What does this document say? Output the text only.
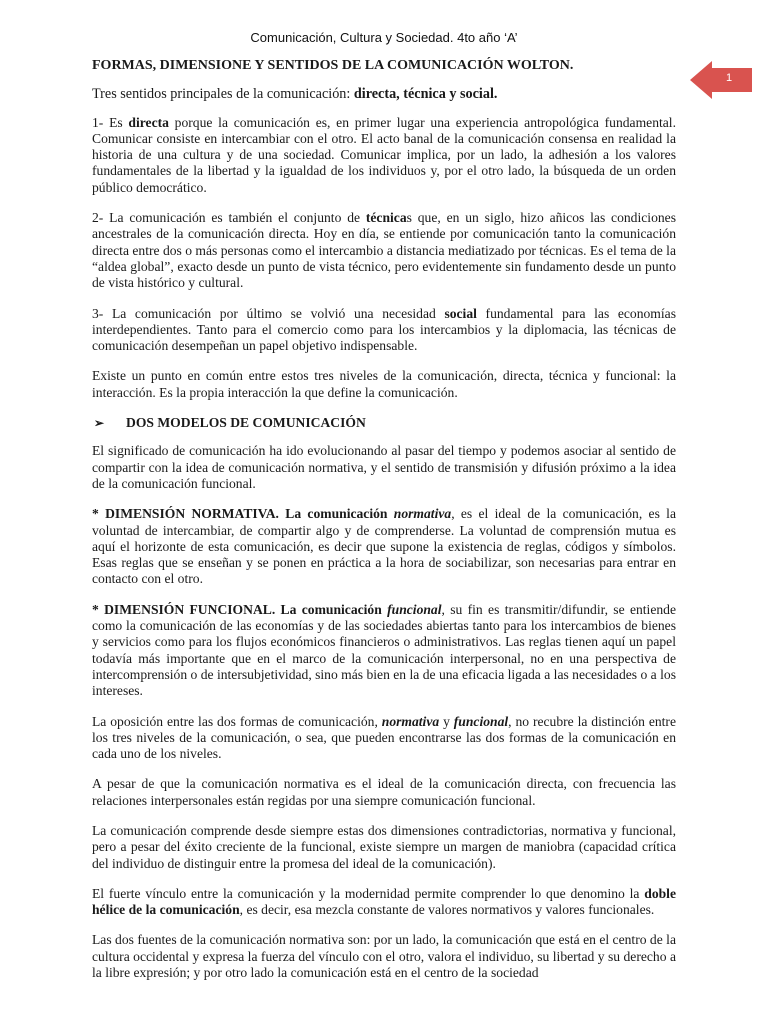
Comunicación, Cultura y Sociedad. 4to año ‘A’
1

FORMAS, DIMENSIONE Y SENTIDOS DE LA COMUNICACIÓN WOLTON.

Tres sentidos principales de la comunicación: directa, técnica y social.

1- Es directa porque la comunicación es, en primer lugar una experiencia antropológica fundamental. Comunicar consiste en intercambiar con el otro. El acto banal de la comunicación consensa en realidad la historia de una cultura y de una sociedad. Comunicar implica, por un lado, la adhesión a los valores fundamentales de la libertad y la igualdad de los individuos y, por el otro lado, la búsqueda de un orden público democrático.

2- La comunicación es también el conjunto de técnicas que, en un siglo, hizo añicos las condiciones ancestrales de la comunicación directa. Hoy en día, se entiende por comunicación tanto la comunicación directa entre dos o más personas como el intercambio a distancia mediatizado por técnicas. Es el tema de la “aldea global”, exacto desde un punto de vista técnico, pero evidentemente sin fundamento desde un punto de vista histórico y cultural.

3- La comunicación por último se volvió una necesidad social fundamental para las economías interdependientes. Tanto para el comercio como para los intercambios y la diplomacia, las técnicas de comunicación desempeñan un papel objetivo indispensable.

Existe un punto en común entre estos tres niveles de la comunicación, directa, técnica y funcional: la interacción. Es la propia interacción la que define la comunicación.

➢	DOS MODELOS DE COMUNICACIÓN

El significado de comunicación ha ido evolucionando al pasar del tiempo y podemos asociar al sentido de compartir con la idea de comunicación normativa, y el sentido de transmisión y difusión próximo a la idea de la comunicación funcional.

* DIMENSIÓN NORMATIVA. La comunicación normativa, es el ideal de la comunicación, es la voluntad de intercambiar, de compartir algo y de comprenderse. La voluntad de comprensión mutua es aquí el horizonte de esta comunicación, es decir que supone la existencia de reglas, códigos y símbolos. Esas reglas que se enseñan y se ponen en práctica a la hora de sociabilizar, son necesarias para entrar en contacto con el otro.

* DIMENSIÓN FUNCIONAL. La comunicación funcional, su fin es transmitir/difundir, se entiende como la comunicación de las economías y de las sociedades abiertas tanto para los intercambios de bienes y servicios como para los flujos económicos financieros o administrativos. Las reglas tienen aquí un papel todavía más importante que en el marco de la comunicación interpersonal, no en una perspectiva de intercomprensión o de intersubjetividad, sino más bien en la de una eficacia ligada a las necesidades o a los intereses.

La oposición entre las dos formas de comunicación, normativa y funcional, no recubre la distinción entre los tres niveles de la comunicación, o sea, que pueden encontrarse las dos formas de la comunicación en cada uno de los niveles.

A pesar de que la comunicación normativa es el ideal de la comunicación directa, con frecuencia las relaciones interpersonales están regidas por una siempre comunicación funcional.

La comunicación comprende desde siempre estas dos dimensiones contradictorias, normativa y funcional, pero a pesar del éxito creciente de la funcional, existe siempre un margen de maniobra (capacidad crítica del individuo de distinguir entre la promesa del ideal de la comunicación).

El fuerte vínculo entre la comunicación y la modernidad permite comprender lo que denomino la doble hélice de la comunicación, es decir, esa mezcla constante de valores normativos y valores funcionales.

Las dos fuentes de la comunicación normativa son: por un lado, la comunicación que está en el centro de la cultura occidental y expresa la fuerza del vínculo con el otro, valora el individuo, su libertad y su derecho a la libre expresión; y por otro lado la comunicación está en el centro de la sociedad
